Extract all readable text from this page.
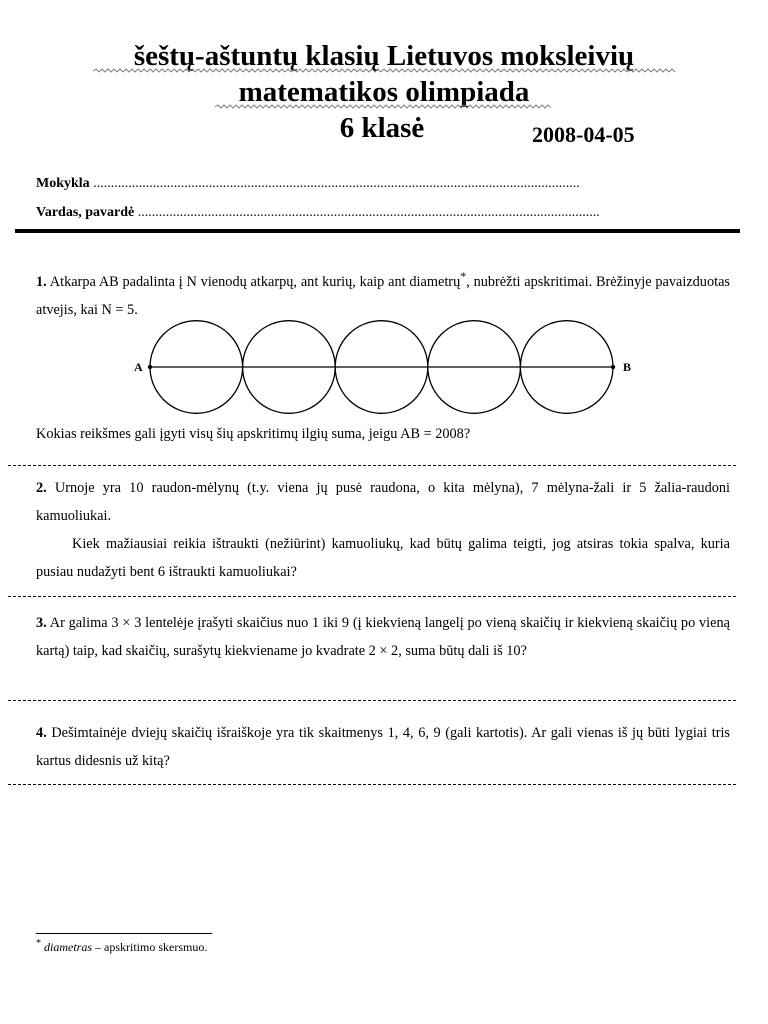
šeštų-aštuntų klasių Lietuvos moksleivių
matematikos olimpiada
6 klasė	2008-04-05
Mokykla ...........................................................................................................................................
Vardas, pavardė ....................................................................................................................................

1. Atkarpa AB padalinta į N vienodų atkarpų, ant kurių, kaip ant diametrų*, nubrėžti apskritimai. Brėžinyje pavaizduotas atvejis, kai N = 5.

A	B

Kokias reikšmes gali įgyti visų šių apskritimų ilgių suma, jeigu AB = 2008?

2. Urnoje yra 10 raudon-mėlynų (t.y. viena jų pusė raudona, o kita mėlyna), 7 mėlyna-žali ir 5 žalia-raudoni kamuoliukai.

Kiek mažiausiai reikia ištraukti (nežiūrint) kamuoliukų, kad būtų galima teigti, jog atsiras tokia spalva, kuria pusiau nudažyti bent 6 ištraukti kamuoliukai?

3. Ar galima 3 × 3 lentelėje įrašyti skaičius nuo 1 iki 9 (į kiekvieną langelį po vieną skaičių ir kiekvieną skaičių po vieną kartą) taip, kad skaičių, surašytų kiekviename jo kvadrate 2 × 2, suma būtų dali iš 10?

4. Dešimtainėje dviejų skaičių išraiškoje yra tik skaitmenys 1, 4, 6, 9 (gali kartotis). Ar gali vienas iš jų būti lygiai tris kartus didesnis už kitą?

* diametras – apskritimo skersmuo.
